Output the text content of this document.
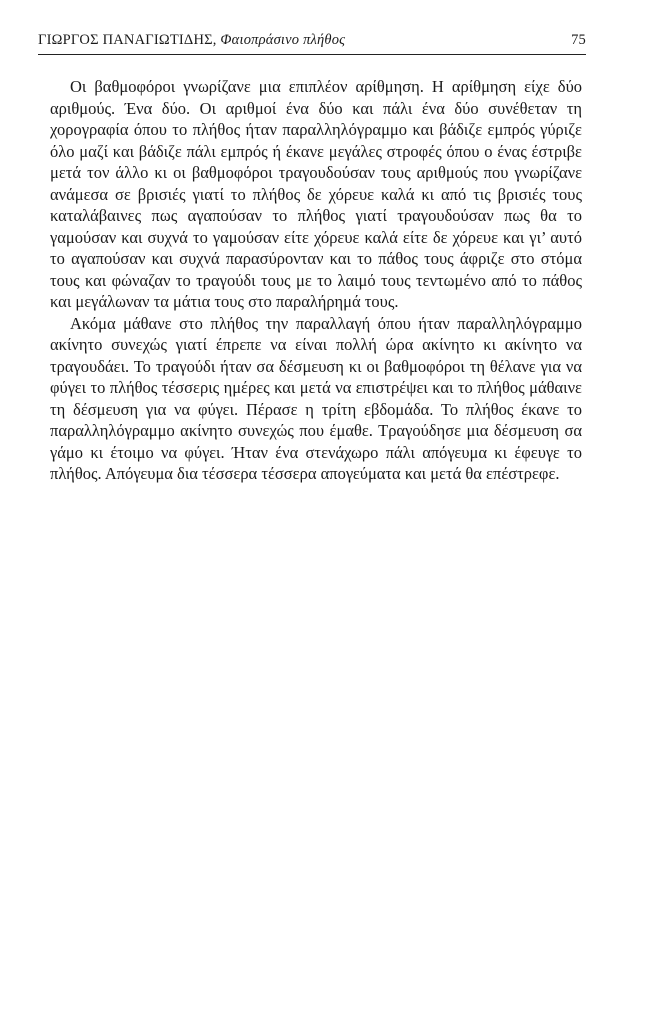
ΓΙΩΡΓΟΣ ΠΑΝΑΓΙΩΤΙΔΗΣ,
Φαιοπράσινο πλήθος	75

Οι βαθμοφόροι γνωρίζανε μια επιπλέον αρίθμηση. Η αρίθμηση είχε δύο αριθμούς. Ένα δύο. Οι αριθμοί ένα δύο και πάλι ένα δύο συνέθεταν τη χορογραφία όπου το πλήθος ήταν παραλληλόγραμμο και βάδιζε εμπρός γύριζε όλο μαζί και βάδιζε πάλι εμπρός ή έκανε μεγάλες στροφές όπου ο ένας έστριβε μετά τον άλλο κι οι βαθμοφόροι τραγουδούσαν τους αριθμούς που γνωρίζανε ανάμεσα σε βρισιές γιατί το πλήθος δε χόρευε καλά κι από τις βρισιές τους καταλάβαινες πως αγαπούσαν το πλήθος γιατί τραγουδούσαν πως θα το γαμούσαν και συχνά το γαμούσαν είτε χόρευε καλά είτε δε χόρευε και γι’ αυτό το αγαπούσαν και συχνά παρασύρονταν και το πάθος τους άφριζε στο στόμα τους και φώναζαν το τραγούδι τους με το λαιμό τους τεντωμένο από το πάθος και μεγάλωναν τα μάτια τους στο παραλήρημά τους.

Ακόμα μάθανε στο πλήθος την παραλλαγή όπου ήταν παραλληλόγραμμο ακίνητο συνεχώς γιατί έπρεπε να είναι πολλή ώρα ακίνητο κι ακίνητο να τραγουδάει. Το τραγούδι ήταν σα δέσμευση κι οι βαθμοφόροι τη θέλανε για να φύγει το πλήθος τέσσερις ημέρες και μετά να επιστρέψει και το πλήθος μάθαινε τη δέσμευση για να φύγει. Πέρασε η τρίτη εβδομάδα. Το πλήθος έκανε το παραλληλόγραμμο ακίνητο συνεχώς που έμαθε. Τραγούδησε μια δέσμευση σα γάμο κι έτοιμο να φύγει. Ήταν ένα στενάχωρο πάλι απόγευμα κι έφευγε το πλήθος. Απόγευμα δια τέσσερα τέσσερα απογεύματα και μετά θα επέστρεφε.
